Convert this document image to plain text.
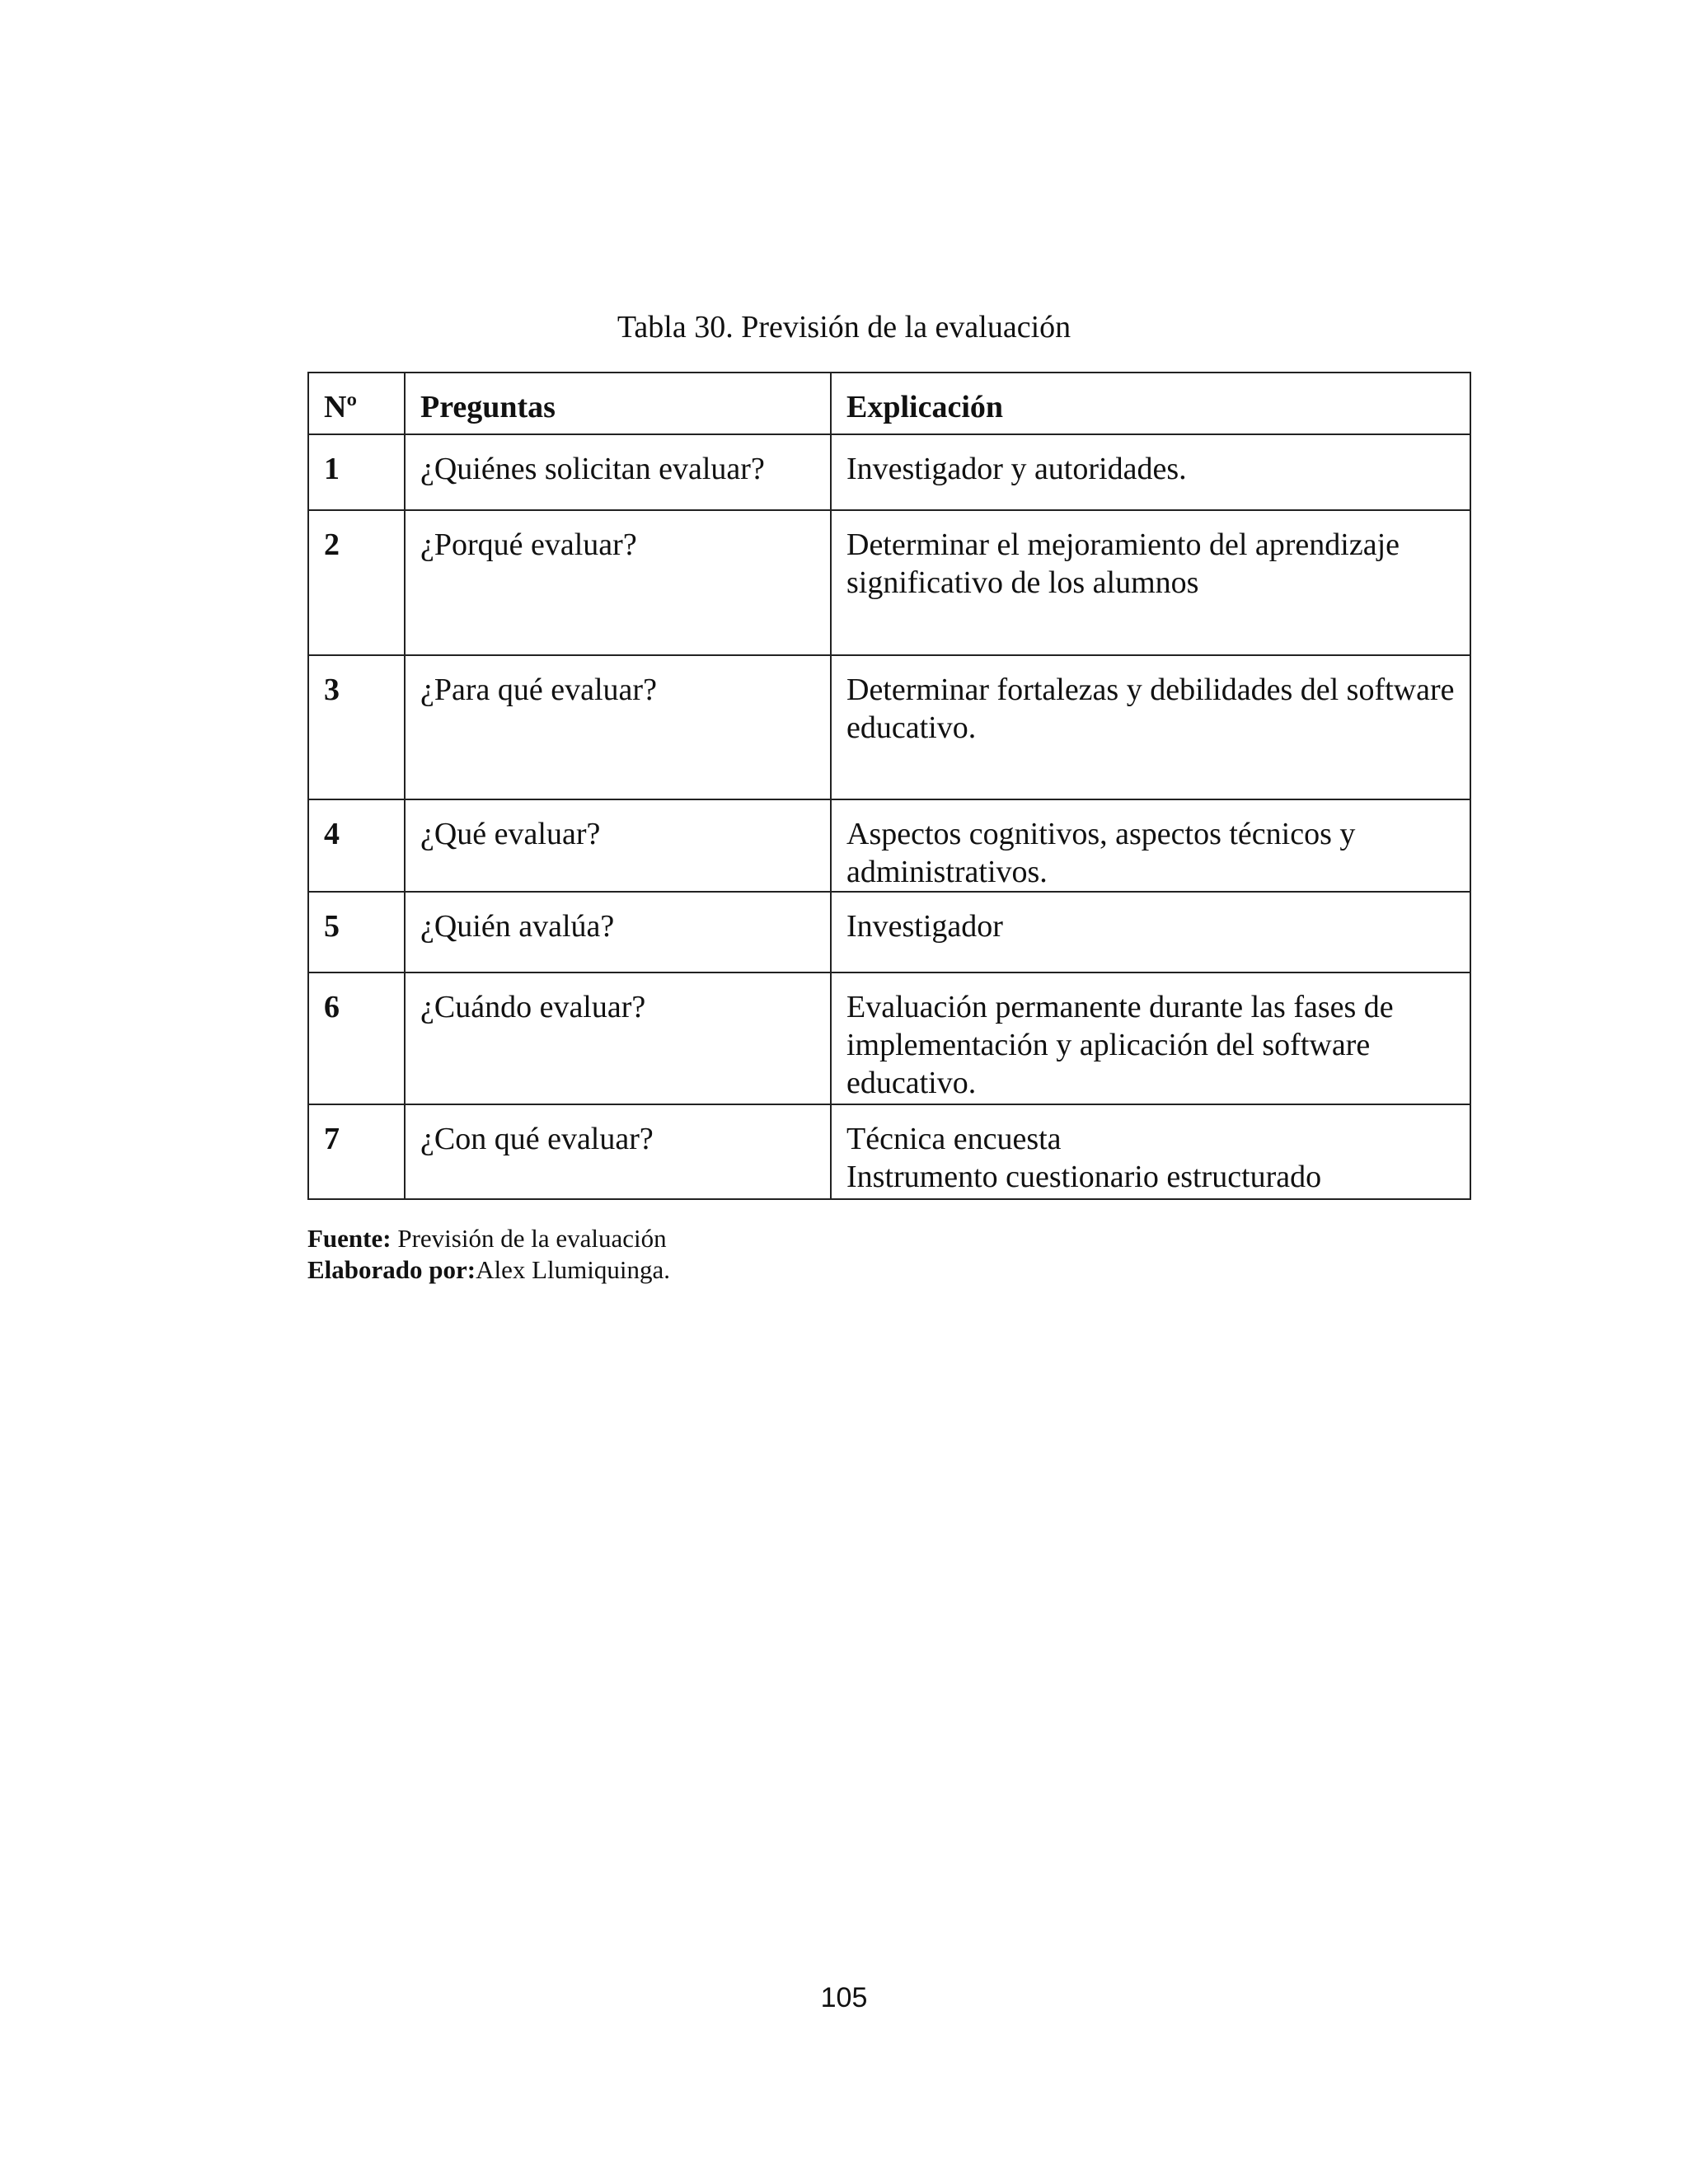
Tabla 30. Previsión de la evaluación
Nº	Preguntas	Explicación
1	¿Quiénes solicitan evaluar?	Investigador y autoridades.

2	¿Porqué evaluar?	Determinar el mejoramiento del aprendizaje significativo de los alumnos

3	¿Para qué evaluar?	Determinar fortalezas y debilidades del software educativo.

4	¿Qué evaluar?	Aspectos cognitivos, aspectos técnicos y administrativos.

5	¿Quién avalúa?	Investigador

6	¿Cuándo evaluar?	Evaluación permanente durante las fases de implementación y aplicación del software educativo.

7	¿Con qué evaluar?	Técnica encuesta
Instrumento cuestionario estructurado
Fuente: Previsión de la evaluación
Elaborado por:Alex Llumiquinga.
105
